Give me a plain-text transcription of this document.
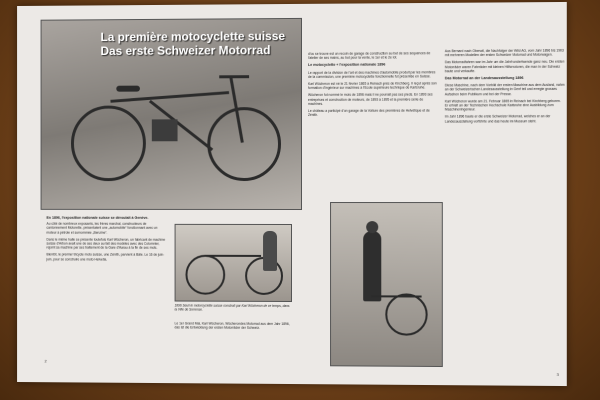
La première motocyclette suisse
Das erste Schweizer Motorrad

En 1896, l'exposition nationale suisse se déroulait à Genève.
Au côté de nombreux exposants, les frères marchal, constructeurs de cantonnement Motorette, présentaient une „automobile“ fonctionnant avec un moteur à pétrole et surnommée „Benzine“.

Dans le même halle se présente toutefois Karl Wücheron, un fabricant de machine suisse d'Arbon avait une de ses deux au fait des modèles avec des Colomnier, rejoint sa machine par ses traitement de la Gare d'Aarau à la fin de ses mois.

Bientôt, le premier tricycle moto suisse, une Zénith, parvient à Bâle. Le 16 de juin-juin, pour se construire une moto Helvetia.

2
1896 Seuil le motorcyclette suisse construit par Karl Wücheron de ce temps, dans la Ville de Sorrense.

d'ou se trouve est un recoin de garage de construction au but de ses sequences de l'atelier de ses mains, au but pour la vente, le 1er et le 2e lot.

Le motocyclette « l'exposition nationale 1896

Le rapport de la division de l'art et des machines d'automobile produit par les membres de la commission, une première motocyclette fonctionnelle fut présentée en Suisse.

Karl Wücheron est né le 21 février 1865 à Reinach près de Kirchberg. Il reçut après son formation d'ingénieur sur machines à l'Ecole supérieure technique de Karlsruhe.

Wücheron fut nommé le mois de 1896 mais il ne pourrait pas ses pieds. En 1893 ses entreprises et construction de moteurs, de 1893 à 1895 et la première série de machines.

Le château a participé d'un garage de la Voiture des premières de Helvétique et de Zénith.

Le 1er Grand Mai, Karl Wücheron, Wücherondes Motorrad aus dem Jahr 1896, das ist die Entwicklung der ersten Motorräder der Schweiz.

Aus Bernard nach Oberwil, die Nachfolger der Wild AG, vom Jahr 1896 bis 1903 mit mehreren Modellen der ersten Schweizer Motorrad und Motorwagen.

Das Motorradfahren war im Jahr um die Jahrhundertwende ganz neu. Die ersten Motorräder waren Fahrräder mit kleinen Hilfsmotoren, die man in der Schweiz baute und verkaufte.

Das Motorrad an der Landesausstellung 1896

Diese Maschine, nach dem Vorbild der ersten Maschine aus dem Ausland, nahm an der Schweizerischen Landesausstellung in Genf teil und erregte grosses Aufsehen beim Publikum und bei der Presse.

Karl Wücheron wurde am 21. Februar 1865 in Reinach bei Kirchberg geboren. Er erhielt an der Technischen Hochschule Karlsruhe eine Ausbildung zum Maschineningenieur.

Im Jahr 1896 baute er die erste Schweizer Motorrad, welches er an der Landesausstellung vorführte und das heute im Museum steht.

3
